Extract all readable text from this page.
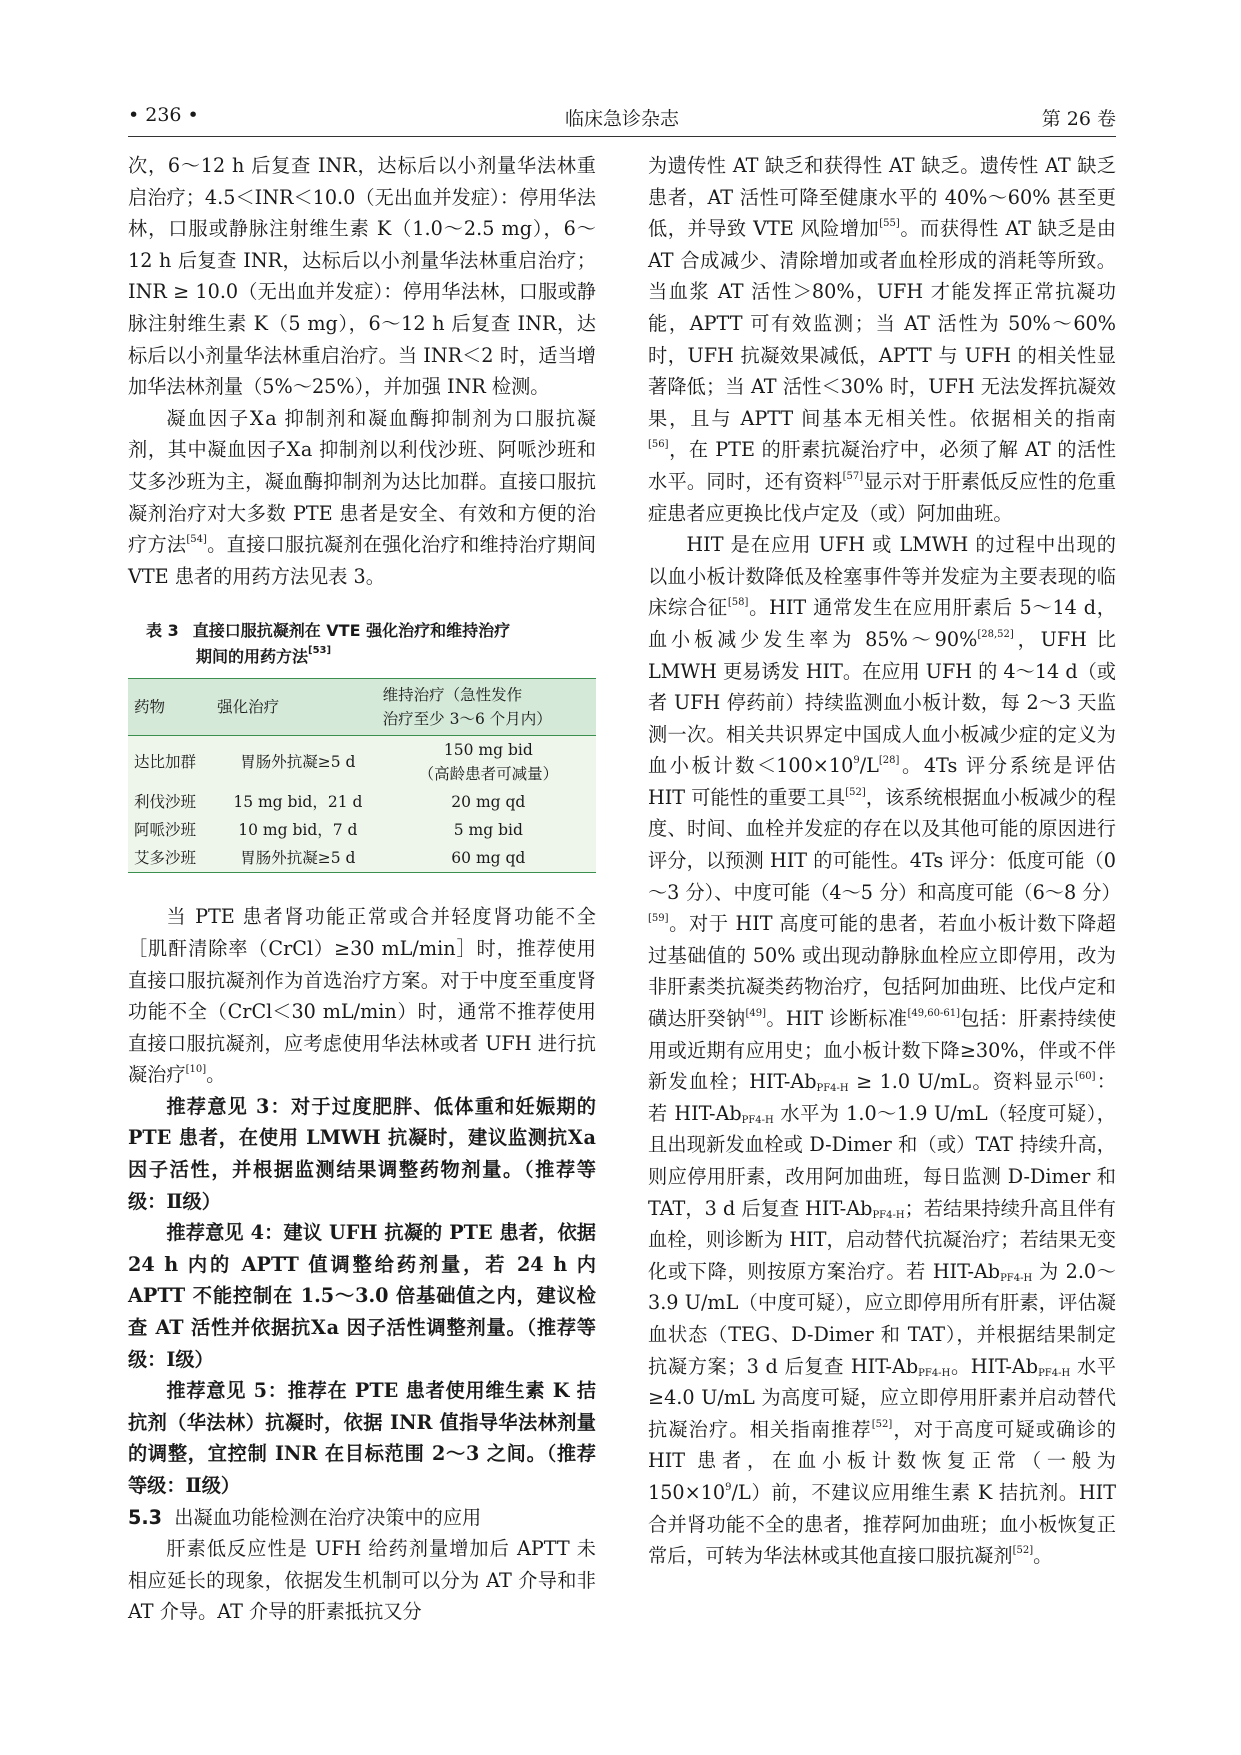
临床急诊杂志
• 236 •	第 26 卷

次，6～12 h 后复查 INR，达标后以小剂量华法林重启治疗；4.5＜INR＜10.0（无出血并发症）：停用华法林，口服或静脉注射维生素 K（1.0～2.5 mg），6～12 h 后复查 INR，达标后以小剂量华法林重启治疗；INR ≥ 10.0（无出血并发症）：停用华法林，口服或静脉注射维生素 K（5 mg），6～12 h 后复查 INR，达标后以小剂量华法林重启治疗。当 INR＜2 时，适当增加华法林剂量（5%～25%），并加强 INR 检测。

凝血因子Ⅹa 抑制剂和凝血酶抑制剂为口服抗凝剂，其中凝血因子Ⅹa 抑制剂以利伐沙班、阿哌沙班和艾多沙班为主，凝血酶抑制剂为达比加群。直接口服抗凝剂治疗对大多数 PTE 患者是安全、有效和方便的治疗方法[54]。直接口服抗凝剂在强化治疗和维持治疗期间 VTE 患者的用药方法见表 3。

表 3 直接口服抗凝剂在 VTE 强化治疗和维持治疗
期间的用药方法[53]
药物	强化治疗	维持治疗（急性发作
治疗至少 3～6 个月内）

达比加群	胃肠外抗凝≥5 d	150 mg bid
（高龄患者可减量）

利伐沙班	15 mg bid，21 d	20 mg qd
阿哌沙班	10 mg bid，7 d	5 mg bid
艾多沙班	胃肠外抗凝≥5 d	60 mg qd

当 PTE 患者肾功能正常或合并轻度肾功能不全［肌酐清除率（CrCl）≥30 mL/min］时，推荐使用直接口服抗凝剂作为首选治疗方案。对于中度至重度肾功能不全（CrCl＜30 mL/min）时，通常不推荐使用直接口服抗凝剂，应考虑使用华法林或者 UFH 进行抗凝治疗[10]。

推荐意见 3：对于过度肥胖、低体重和妊娠期的 PTE 患者，在使用 LMWH 抗凝时，建议监测抗Ⅹa 因子活性，并根据监测结果调整药物剂量。（推荐等级：Ⅱ级）

推荐意见 4：建议 UFH 抗凝的 PTE 患者，依据 24 h 内的 APTT 值调整给药剂量，若 24 h 内 APTT 不能控制在 1.5～3.0 倍基础值之内，建议检查 AT 活性并依据抗Ⅹa 因子活性调整剂量。（推荐等级：Ⅰ级）

推荐意见 5：推荐在 PTE 患者使用维生素 K 拮抗剂（华法林）抗凝时，依据 INR 值指导华法林剂量的调整，宜控制 INR 在目标范围 2～3 之间。（推荐等级：Ⅱ级）

5.3 出凝血功能检测在治疗决策中的应用

肝素低反应性是 UFH 给药剂量增加后 APTT 未相应延长的现象，依据发生机制可以分为 AT 介导和非 AT 介导。AT 介导的肝素抵抗又分

为遗传性 AT 缺乏和获得性 AT 缺乏。遗传性 AT 缺乏患者，AT 活性可降至健康水平的 40%～60% 甚至更低，并导致 VTE 风险增加[55]。而获得性 AT 缺乏是由 AT 合成减少、清除增加或者血栓形成的消耗等所致。当血浆 AT 活性＞80%，UFH 才能发挥正常抗凝功能，APTT 可有效监测；当 AT 活性为 50%～60% 时，UFH 抗凝效果减低，APTT 与 UFH 的相关性显著降低；当 AT 活性＜30% 时，UFH 无法发挥抗凝效果，且与 APTT 间基本无相关性。依据相关的指南[56]，在 PTE 的肝素抗凝治疗中，必须了解 AT 的活性水平。同时，还有资料[57]显示对于肝素低反应性的危重症患者应更换比伐卢定及（或）阿加曲班。

HIT 是在应用 UFH 或 LMWH 的过程中出现的以血小板计数降低及栓塞事件等并发症为主要表现的临床综合征[58]。HIT 通常发生在应用肝素后 5～14 d，血小板减少发生率为 85%～90%[28,52]，UFH 比 LMWH 更易诱发 HIT。在应用 UFH 的 4～14 d（或者 UFH 停药前）持续监测血小板计数，每 2～3 天监测一次。相关共识界定中国成人血小板减少症的定义为血小板计数$<100\times 10^9/L[28]$。4Ts 评分系统是评估 HIT 可能性的重要工具[52]，该系统根据血小板减少的程度、时间、血栓并发症的存在以及其他可能的原因进行评分，以预测 HIT 的可能性。4Ts 评分：低度可能（0～3 分）、中度可能（4～5 分）和高度可能（6～8 分）[59]。对于 HIT 高度可能的患者，若血小板计数下降超过基础值的 50% 或出现动静脉血栓应立即停用，改为非肝素类抗凝类药物治疗，包括阿加曲班、比伐卢定和磺达肝癸钠[49]。HIT 诊断标准[49,60-61]包括：肝素持续使用或近期有应用史；血小板计数下降≥30%，伴或不伴新发血栓；HIT-$Ab_{PF4-H} \ge 1.0$ U/mL。资料显示[60]：若 HIT-$Ab_{PF4-H}$ 水平为 1.0～1.9 U/mL（轻度可疑），且出现新发血栓或 D-Dimer 和（或）TAT 持续升高，则应停用肝素，改用阿加曲班，每日监测 D-Dimer 和 TAT，3 d 后复查 HIT-$Ab_{PF4-H}$；若结果持续升高且伴有血栓，则诊断为 HIT，启动替代抗凝治疗；若结果无变化或下降，则按原方案治疗。若 HIT-$Ab_{PF4-H}$ 为 2.0～3.9 U/mL（中度可疑），应立即停用所有肝素，评估凝血状态（TEG、D-Dimer 和 TAT），并根据结果制定抗凝方案；3 d 后复查 HIT-$Ab_{PF4-H}$。HIT-$Ab_{PF4-H}$ 水平≥4.0 U/mL 为高度可疑，应立即停用肝素并启动替代抗凝治疗。相关指南推荐[52]，对于高度可疑或确诊的 HIT 患者，在血小板计数恢复正常（一般为 $150\times 10^9/L$）前，不建议应用维生素 K 拮抗剂。HIT 合并肾功能不全的患者，推荐阿加曲班；血小板恢复正常后，可转为华法林或其他直接口服抗凝剂[52]。
